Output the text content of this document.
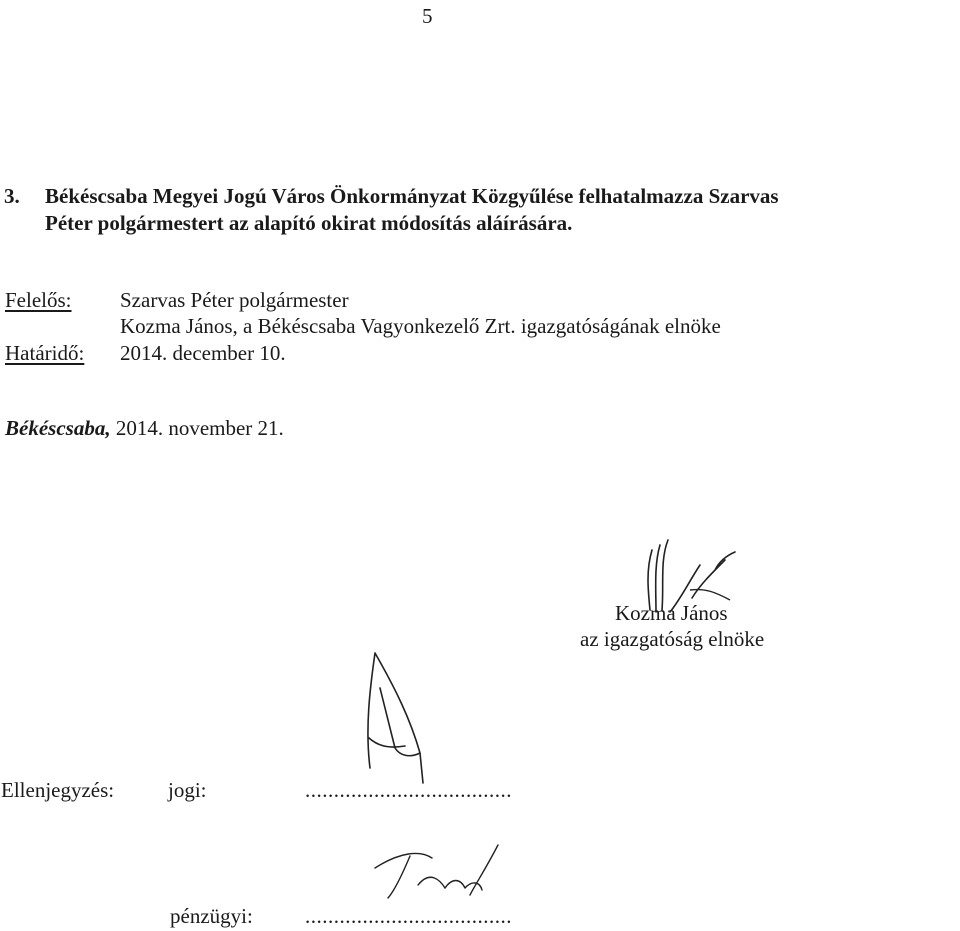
5
3. Békéscsaba Megyei Jogú Város Önkormányzat Közgyűlése felhatalmazza Szarvas
Péter polgármestert az alapító okirat módosítás aláírására.
Felelős: Szarvas Péter polgármester
Kozma János, a Békéscsaba Vagyonkezelő Zrt. igazgatóságának elnöke
Határidő: 2014. december 10.
Békéscsaba, 2014. november 21.
Kozma János
az igazgatóság elnöke
Ellenjegyzés:	jogi:	....................................
pénzügyi: ....................................
